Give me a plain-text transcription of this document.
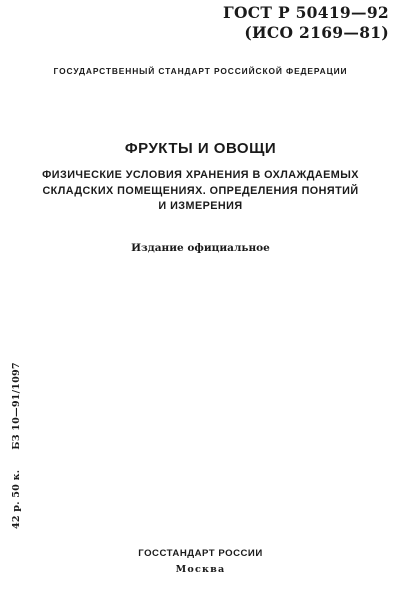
ГОСТ Р 50419—92

(ИСО 2169—81)

ГОСУДАРСТВЕННЫЙ СТАНДАРТ РОССИЙСКОЙ ФЕДЕРАЦИИ

ФРУКТЫ И ОВОЩИ
ФИЗИЧЕСКИЕ УСЛОВИЯ ХРАНЕНИЯ В ОХЛАЖДАЕМЫХ
СКЛАДСКИХ ПОМЕЩЕНИЯХ. ОПРЕДЕЛЕНИЯ ПОНЯТИЙ
И ИЗМЕРЕНИЯ

Издание официальное

42 р. 50 к.БЗ 10—91/1097

ГОССТАНДАРТ РОССИИ

Москва
